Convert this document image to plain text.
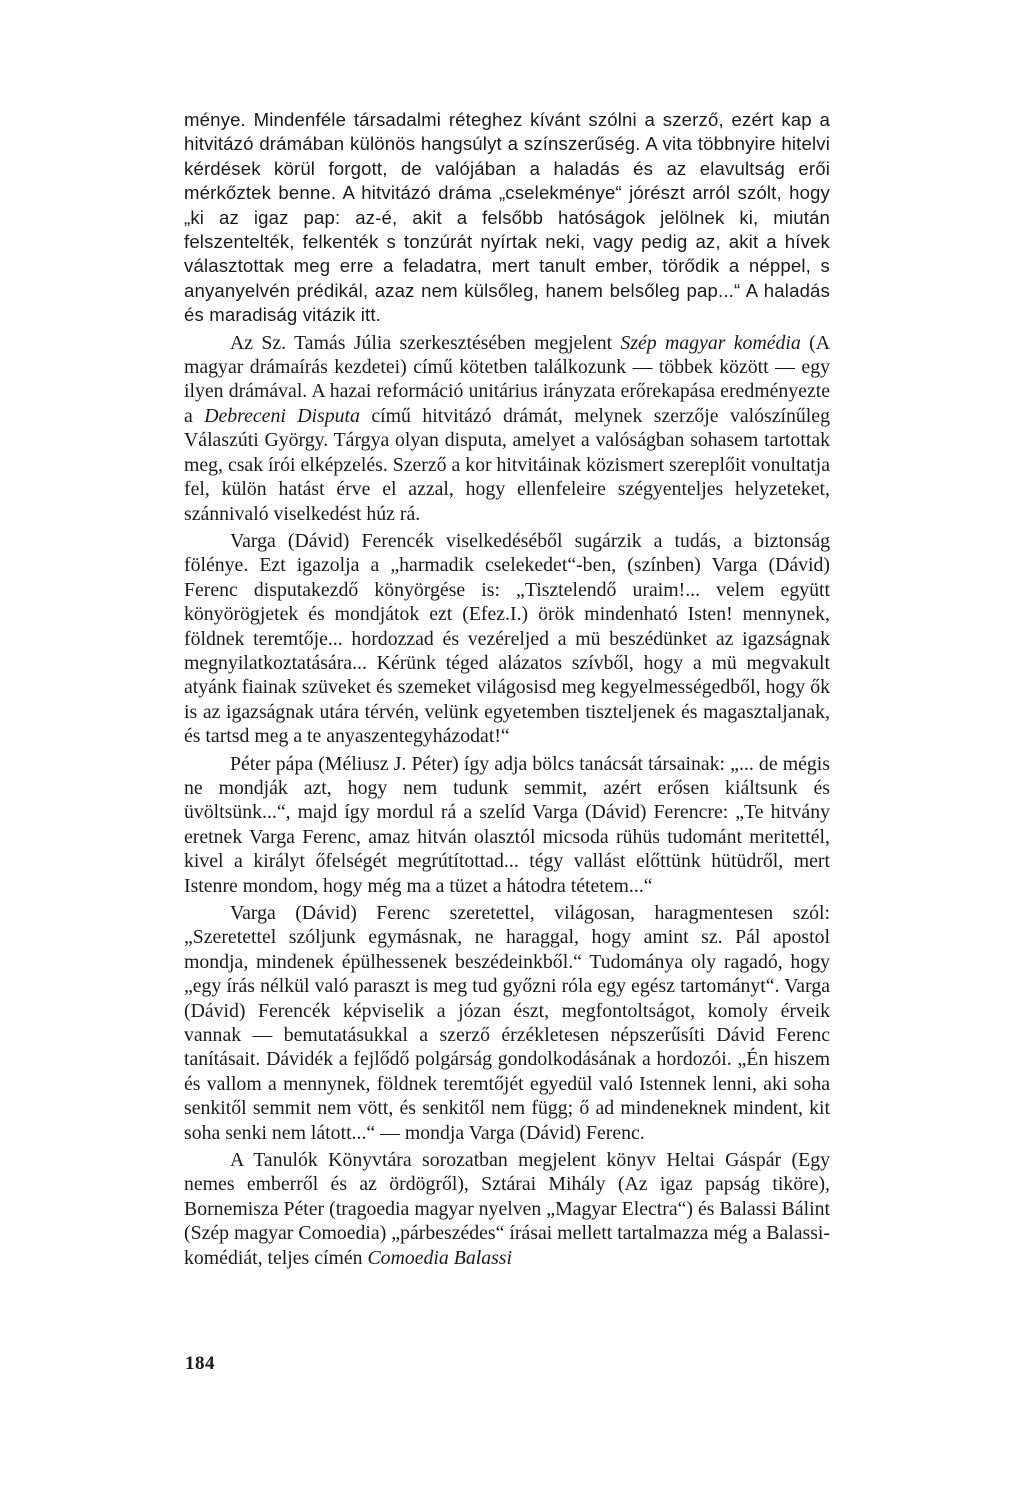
ménye. Mindenféle társadalmi réteghez kívánt szólni a szerző, ezért kap a hitvitázó drámában különös hangsúlyt a színszerűség. A vita többnyire hitelvi kérdések körül forgott, de valójában a haladás és az elavultság erői mérkőztek benne. A hitvitázó dráma „cselekménye“ jórészt arról szólt, hogy „ki az igaz pap: az-é, akit a felsőbb hatóságok jelölnek ki, miután felszentelték, felkenték s tonzúrát nyírtak neki, vagy pedig az, akit a hívek választottak meg erre a feladatra, mert tanult ember, törődik a néppel, s anyanyelvén prédikál, azaz nem külsőleg, hanem belsőleg pap...“ A haladás és maradiság vitázik itt.

Az Sz. Tamás Júlia szerkesztésében megjelent Szép magyar komédia (A magyar drámaírás kezdetei) című kötetben találkozunk — többek között — egy ilyen drámával. A hazai reformáció unitárius irányzata erőrekapása eredményezte a Debreceni Disputa című hitvitázó drámát, melynek szerzője valószínűleg Válaszúti György. Tárgya olyan disputa, amelyet a valóságban sohasem tartottak meg, csak írói elképzelés. Szerző a kor hitvitáinak közismert szereplőit vonultatja fel, külön hatást érve el azzal, hogy ellenfeleire szégyenteljes helyzeteket, szánnivaló viselkedést húz rá.

Varga (Dávid) Ferencék viselkedéséből sugárzik a tudás, a biztonság fölénye. Ezt igazolja a „harmadik cselekedet“-ben, (színben) Varga (Dávid) Ferenc disputakezdő könyörgése is: „Tisztelendő uraim!... velem együtt könyörögjetek és mondjátok ezt (Efez.I.) örök mindenható Isten! mennynek, földnek teremtője... hordozzad és vezéreljed a mü beszédünket az igazságnak megnyilatkoztatására... Kérünk téged alázatos szívből, hogy a mü megvakult atyánk fiainak szüveket és szemeket világosisd meg kegyelmességedből, hogy ők is az igazságnak utára térvén, velünk egyetemben tiszteljenek és magasztaljanak, és tartsd meg a te anyaszentegyházodat!“

Péter pápa (Méliusz J. Péter) így adja bölcs tanácsát társainak: „... de mégis ne mondják azt, hogy nem tudunk semmit, azért erősen kiáltsunk és üvöltsünk...“, majd így mordul rá a szelíd Varga (Dávid) Ferencre: „Te hitvány eretnek Varga Ferenc, amaz hitván olasztól micsoda rühüs tudománt meritettél, kivel a királyt őfelségét megrútítottad... tégy vallást előttünk hütüdről, mert Istenre mondom, hogy még ma a tüzet a hátodra tétetem...“

Varga (Dávid) Ferenc szeretettel, világosan, haragmentesen szól: „Szeretettel szóljunk egymásnak, ne haraggal, hogy amint sz. Pál apostol mondja, mindenek épülhessenek beszédeinkből.“ Tudománya oly ragadó, hogy „egy írás nélkül való paraszt is meg tud győzni róla egy egész tartományt“. Varga (Dávid) Ferencék képviselik a józan észt, megfontoltságot, komoly érveik vannak — bemutatásukkal a szerző érzékletesen népszerűsíti Dávid Ferenc tanításait. Dávidék a fejlődő polgárság gondolkodásának a hordozói. „Én hiszem és vallom a mennynek, földnek teremtőjét egyedül való Istennek lenni, aki soha senkitől semmit nem vött, és senkitől nem függ; ő ad mindeneknek mindent, kit soha senki nem látott...“ — mondja Varga (Dávid) Ferenc.

A Tanulók Könyvtára sorozatban megjelent könyv Heltai Gáspár (Egy nemes emberről és az ördögről), Sztárai Mihály (Az igaz papság tiköre), Bornemisza Péter (tragoedia magyar nyelven „Magyar Electra“) és Balassi Bálint (Szép magyar Comoedia) „párbeszédes“ írásai mellett tartalmazza még a Balassi-komédiát, teljes címén Comoedia Balassi

184
